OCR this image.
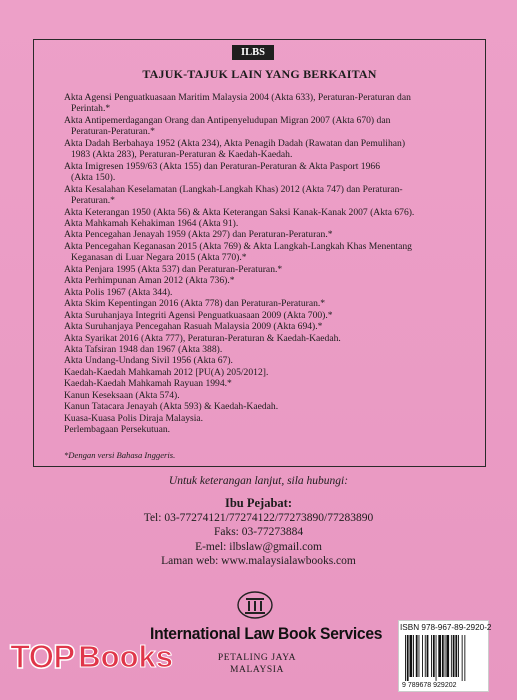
ILBS
TAJUK-TAJUK LAIN YANG BERKAITAN
Akta Agensi Penguatkuasaan Maritim Malaysia 2004 (Akta 633), Peraturan-Peraturan dan
Perintah.*
Akta Antipemerdagangan Orang dan Antipenyeludupan Migran 2007 (Akta 670) dan
Peraturan-Peraturan.*
Akta Dadah Berbahaya 1952 (Akta 234), Akta Penagih Dadah (Rawatan dan Pemulihan)
1983 (Akta 283), Peraturan-Peraturan & Kaedah-Kaedah.
Akta Imigresen 1959/63 (Akta 155) dan Peraturan-Peraturan & Akta Pasport 1966
(Akta 150).
Akta Kesalahan Keselamatan (Langkah-Langkah Khas) 2012 (Akta 747) dan Peraturan-
Peraturan.*
Akta Keterangan 1950 (Akta 56) & Akta Keterangan Saksi Kanak-Kanak 2007 (Akta 676).
Akta Mahkamah Kehakiman 1964 (Akta 91).
Akta Pencegahan Jenayah 1959 (Akta 297) dan Peraturan-Peraturan.*
Akta Pencegahan Keganasan 2015 (Akta 769) & Akta Langkah-Langkah Khas Menentang
Keganasan di Luar Negara 2015 (Akta 770).*
Akta Penjara 1995 (Akta 537) dan Peraturan-Peraturan.*
Akta Perhimpunan Aman 2012 (Akta 736).*
Akta Polis 1967 (Akta 344).
Akta Skim Kepentingan 2016 (Akta 778) dan Peraturan-Peraturan.*
Akta Suruhanjaya Integriti Agensi Penguatkuasaan 2009 (Akta 700).*
Akta Suruhanjaya Pencegahan Rasuah Malaysia 2009 (Akta 694).*
Akta Syarikat 2016 (Akta 777), Peraturan-Peraturan & Kaedah-Kaedah.
Akta Tafsiran 1948 dan 1967 (Akta 388).
Akta Undang-Undang Sivil 1956 (Akta 67).
Kaedah-Kaedah Mahkamah 2012 [PU(A) 205/2012].
Kaedah-Kaedah Mahkamah Rayuan 1994.*
Kanun Keseksaan (Akta 574).
Kanun Tatacara Jenayah (Akta 593) & Kaedah-Kaedah.
Kuasa-Kuasa Polis Diraja Malaysia.
Perlembagaan Persekutuan.
*Dengan versi Bahasa Inggeris.
Untuk keterangan lanjut, sila hubungi:
Ibu Pejabat:
Tel: 03-77274121/77274122/77273890/77283890
Faks: 03-77273884
E-mel: ilbslaw@gmail.com
Laman web: www.malaysialawbooks.com
International Law Book Services
PETALING JAYA
MALAYSIA
ISBN 978-967-89-2920-2
9 789678 929202
TOP Books
